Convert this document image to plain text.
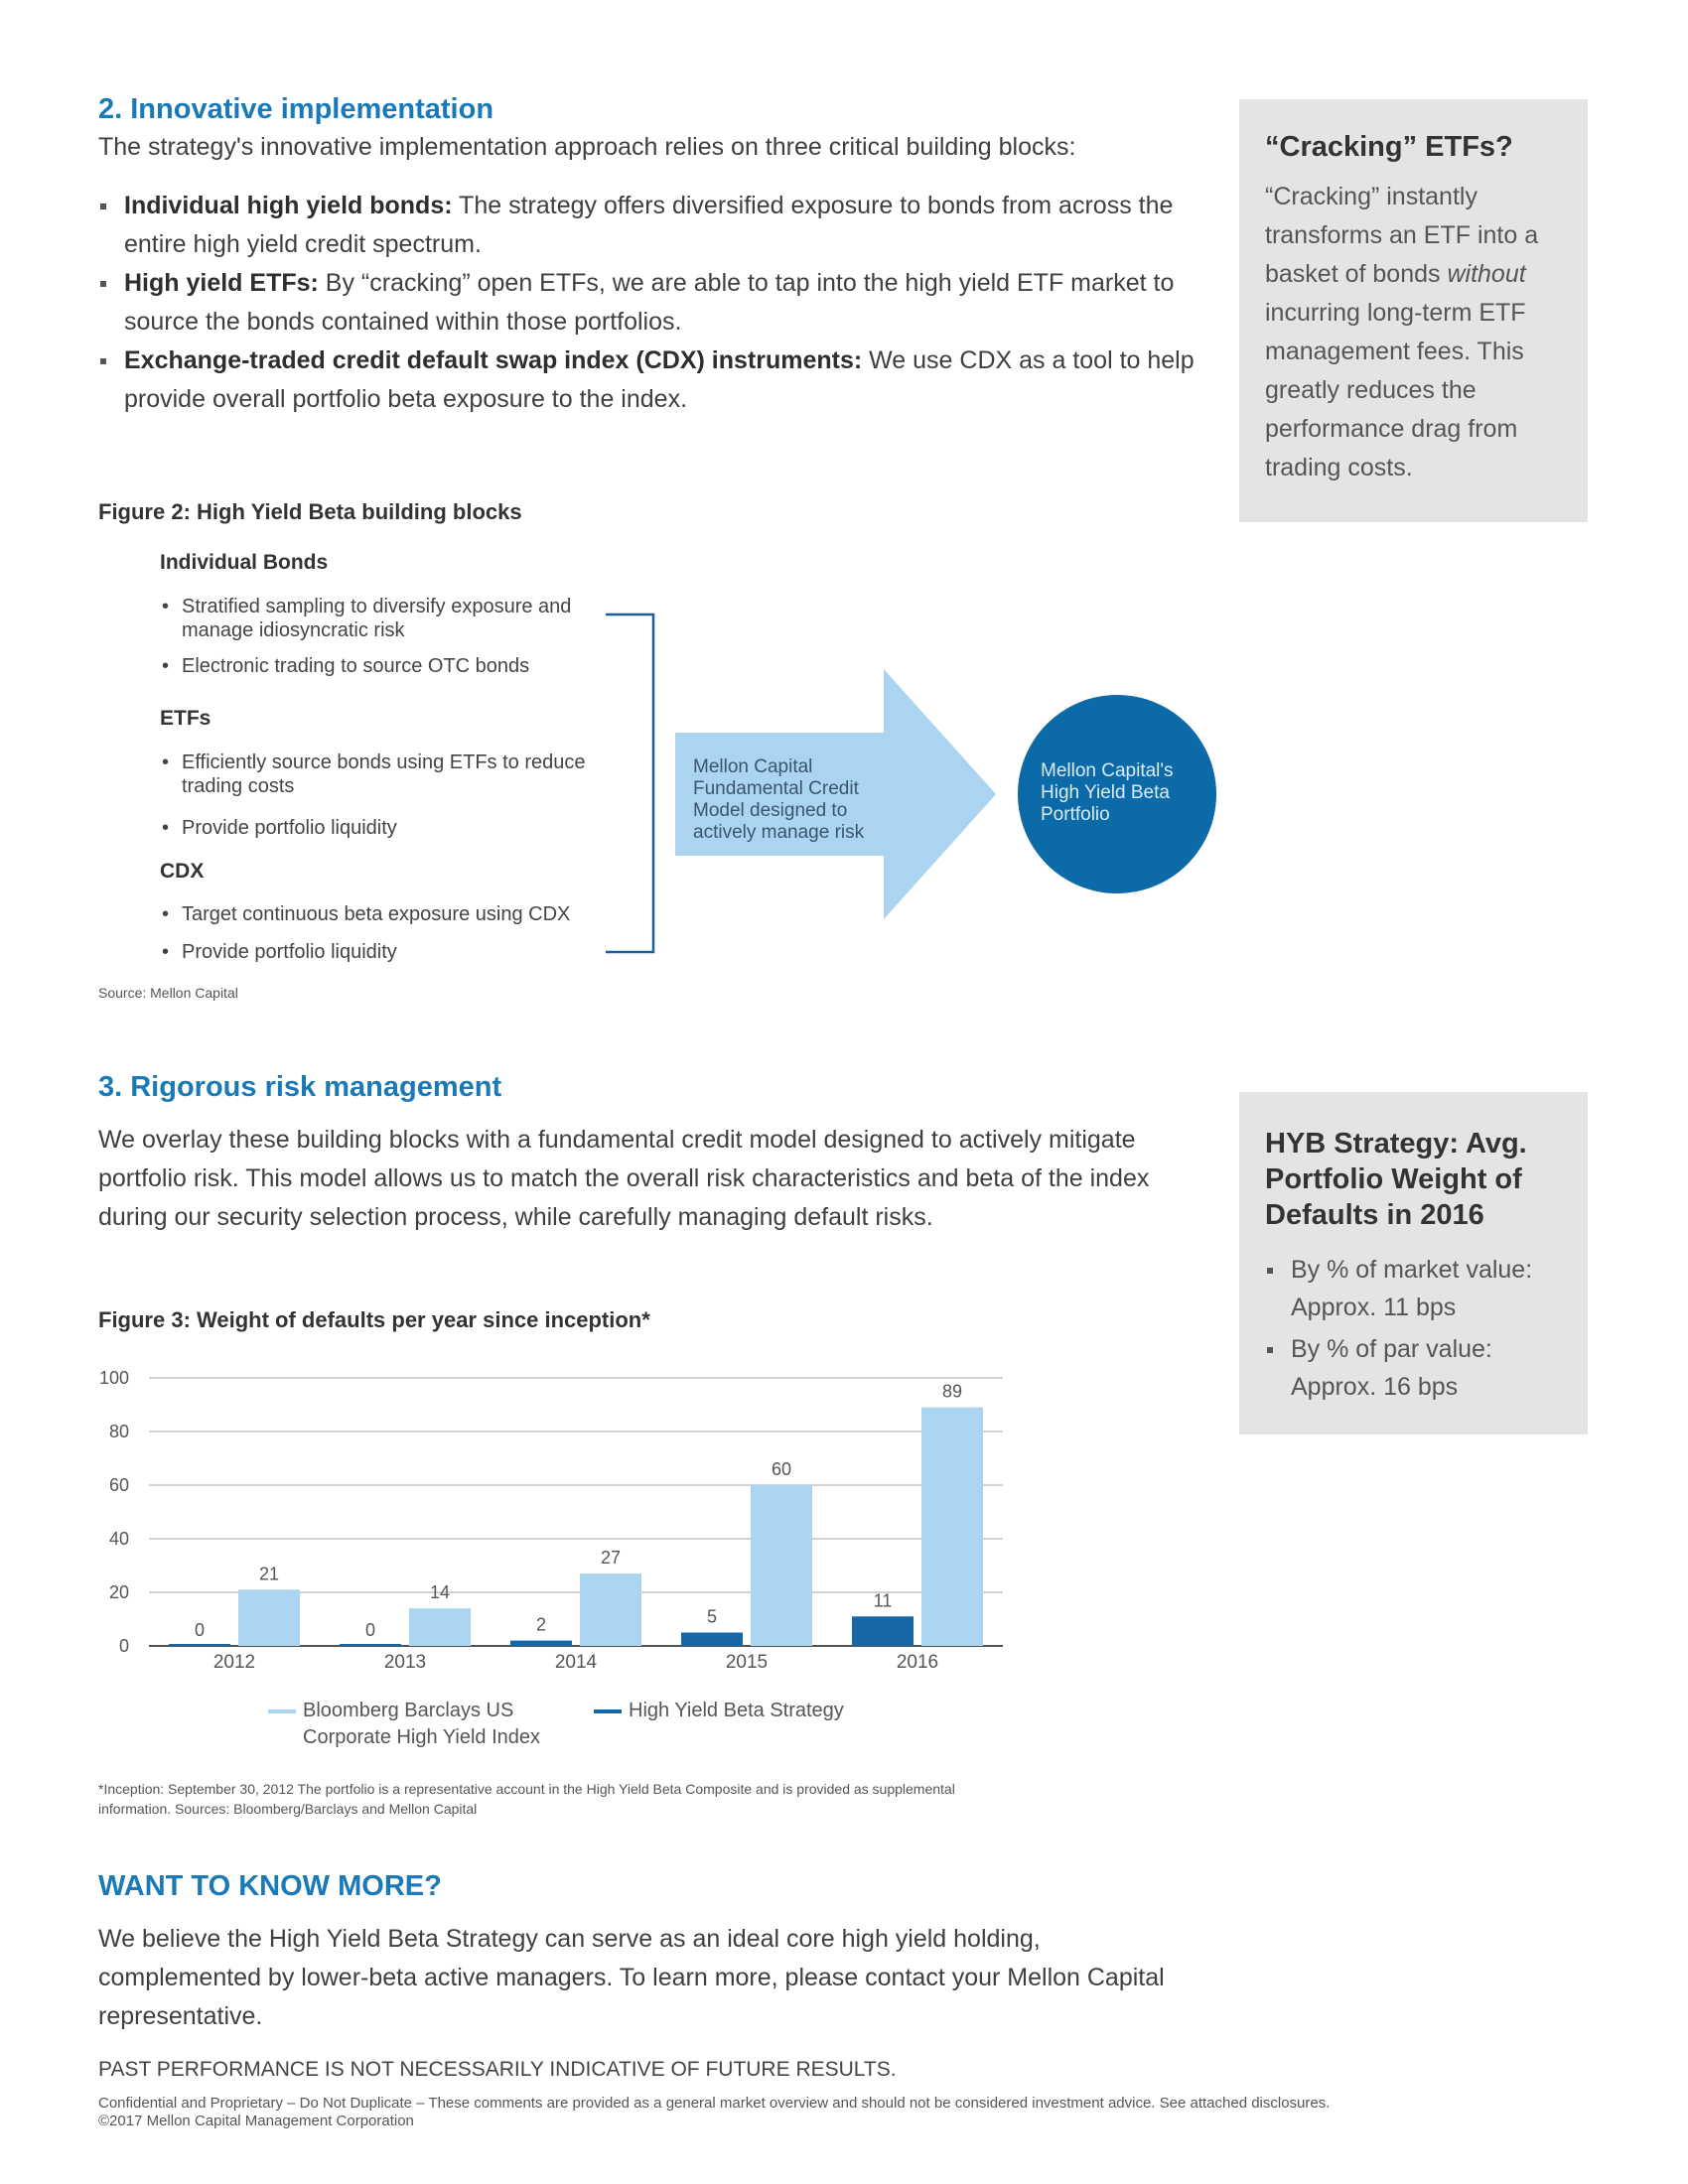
2. Innovative implementation
The strategy's innovative implementation approach relies on three critical building blocks:
Individual high yield bonds: The strategy offers diversified exposure to bonds from across the entire high yield credit spectrum.
High yield ETFs: By “cracking” open ETFs, we are able to tap into the high yield ETF market to source the bonds contained within those portfolios.
Exchange-traded credit default swap index (CDX) instruments: We use CDX as a tool to help provide overall portfolio beta exposure to the index.
“Cracking” ETFs?

“Cracking” instantly transforms an ETF into a basket of bonds without incurring long-term ETF management fees. This greatly reduces the performance drag from trading costs.

Figure 2: High Yield Beta building blocks
Individual Bonds
• Stratified sampling to diversify exposure and manage idiosyncratic risk
• Electronic trading to source OTC bonds
ETFs
• Efficiently source bonds using ETFs to reduce trading costs
• Provide portfolio liquidity
CDX
• Target continuous beta exposure using CDX
• Provide portfolio liquidity
Mellon Capital Fundamental Credit Model designed to actively manage risk
Mellon Capital's High Yield Beta Portfolio
Source: Mellon Capital
3. Rigorous risk management
We overlay these building blocks with a fundamental credit model designed to actively mitigate portfolio risk. This model allows us to match the overall risk characteristics and beta of the index during our security selection process, while carefully managing default risks.
HYB Strategy: Avg. Portfolio Weight of Defaults in 2016
By % of market value: Approx. 11 bps
By % of par value: Approx. 16 bps
Figure 3: Weight of defaults per year since inception*
0
20
40
60
80
100
0
21
2012
0
14
2013
2
27
2014
5
60
2015
11
89
2016
Bloomberg Barclays US
Corporate High Yield Index
High Yield Beta Strategy
*Inception: September 30, 2012 The portfolio is a representative account in the High Yield Beta Composite and is provided as supplemental information. Sources: Bloomberg/Barclays and Mellon Capital
WANT TO KNOW MORE?
We believe the High Yield Beta Strategy can serve as an ideal core high yield holding, complemented by lower-beta active managers. To learn more, please contact your Mellon Capital representative.
PAST PERFORMANCE IS NOT NECESSARILY INDICATIVE OF FUTURE RESULTS.
Confidential and Proprietary – Do Not Duplicate – These comments are provided as a general market overview and should not be considered investment advice. See attached disclosures.
©2017 Mellon Capital Management Corporation
